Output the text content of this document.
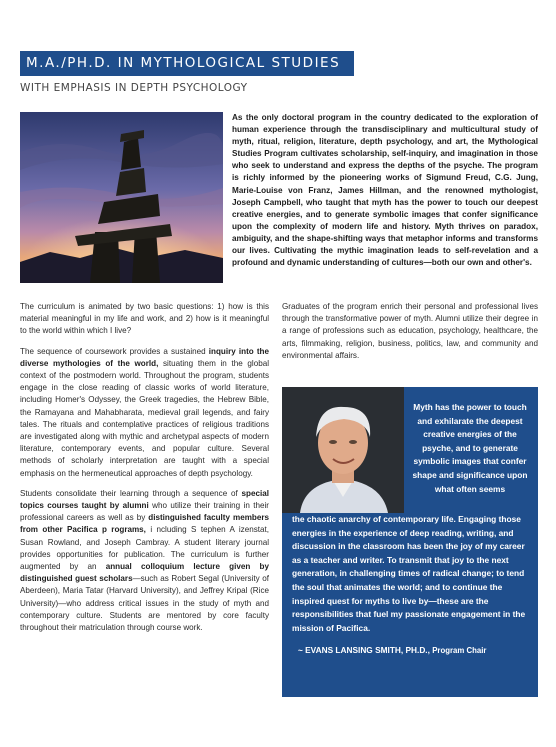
M.A./PH.D. IN MYTHOLOGICAL STUDIES
WITH EMPHASIS IN DEPTH PSYCHOLOGY

As the only doctoral program in the country dedicated to the exploration of human experience through the transdisciplinary and multicultural study of myth, ritual, religion, literature, depth psychology, and art, the Mythological Studies Program cultivates scholarship, self-inquiry, and imagination in those who seek to understand and express the depths of the psyche. The program is richly informed by the pioneering works of Sigmund Freud, C.G. Jung, Marie-Louise von Franz, James Hillman, and the renowned mythologist, Joseph Campbell, who taught that myth has the power to touch our deepest creative energies, and to generate symbolic images that confer significance upon the complexity of modern life and history. Myth thrives on paradox, ambiguity, and the shape-shifting ways that metaphor informs and transforms our lives. Cultivating the mythic imagination leads to self-revelation and a profound and dynamic understanding of cultures—both our own and other's.

The curriculum is animated by two basic questions: 1) how is this material meaningful in my life and work, and 2) how is it meaningful to the world within which I live?

The sequence of coursework provides a sustained inquiry into the diverse mythologies of the world, situating them in the global context of the postmodern world. Throughout the program, students engage in the close reading of classic works of world literature, including Homer's Odyssey, the Greek tragedies, the Hebrew Bible, the Ramayana and Mahabharata, medieval grail legends, and fairy tales. The rituals and contemplative practices of religious traditions are investigated along with mythic and archetypal aspects of modern literature, contemporary events, and popular culture. Several methods of scholarly interpretation are taught with a special emphasis on the hermeneutical approaches of depth psychology.

Students consolidate their learning through a sequence of special topics courses taught by alumni who utilize their training in their professional careers as well as by distinguished faculty members from other Pacifica p rograms, i ncluding S tephen A izenstat, Susan Rowland, and Joseph Cambray. A student literary journal provides opportunities for publication. The curriculum is further augmented by an annual colloquium lecture given by distinguished guest scholars—such as Robert Segal (University of Aberdeen), Maria Tatar (Harvard University), and Jeffrey Kripal (Rice University)—who address critical issues in the study of myth and contemporary culture. Students are mentored by core faculty throughout their matriculation through course work.

Graduates of the program enrich their personal and professional lives through the transformative power of myth. Alumni utilize their degree in a range of professions such as education, psychology, healthcare, the arts, filmmaking, religion, business, politics, law, and community and environmental affairs.

Myth has the power to touch and exhilarate the deepest creative energies of the psyche, and to generate symbolic images that confer shape and significance upon what often seems

the chaotic anarchy of contemporary life. Engaging those energies in the experience of deep reading, writing, and discussion in the classroom has been the joy of my career as a teacher and writer. To transmit that joy to the next generation, in challenging times of radical change; to tend the soul that animates the world; and to continue the inspired quest for myths to live by—these are the responsibilities that fuel my passionate engagement in the mission of Pacifica.

~ EVANS LANSING SMITH, PH.D., Program Chair
